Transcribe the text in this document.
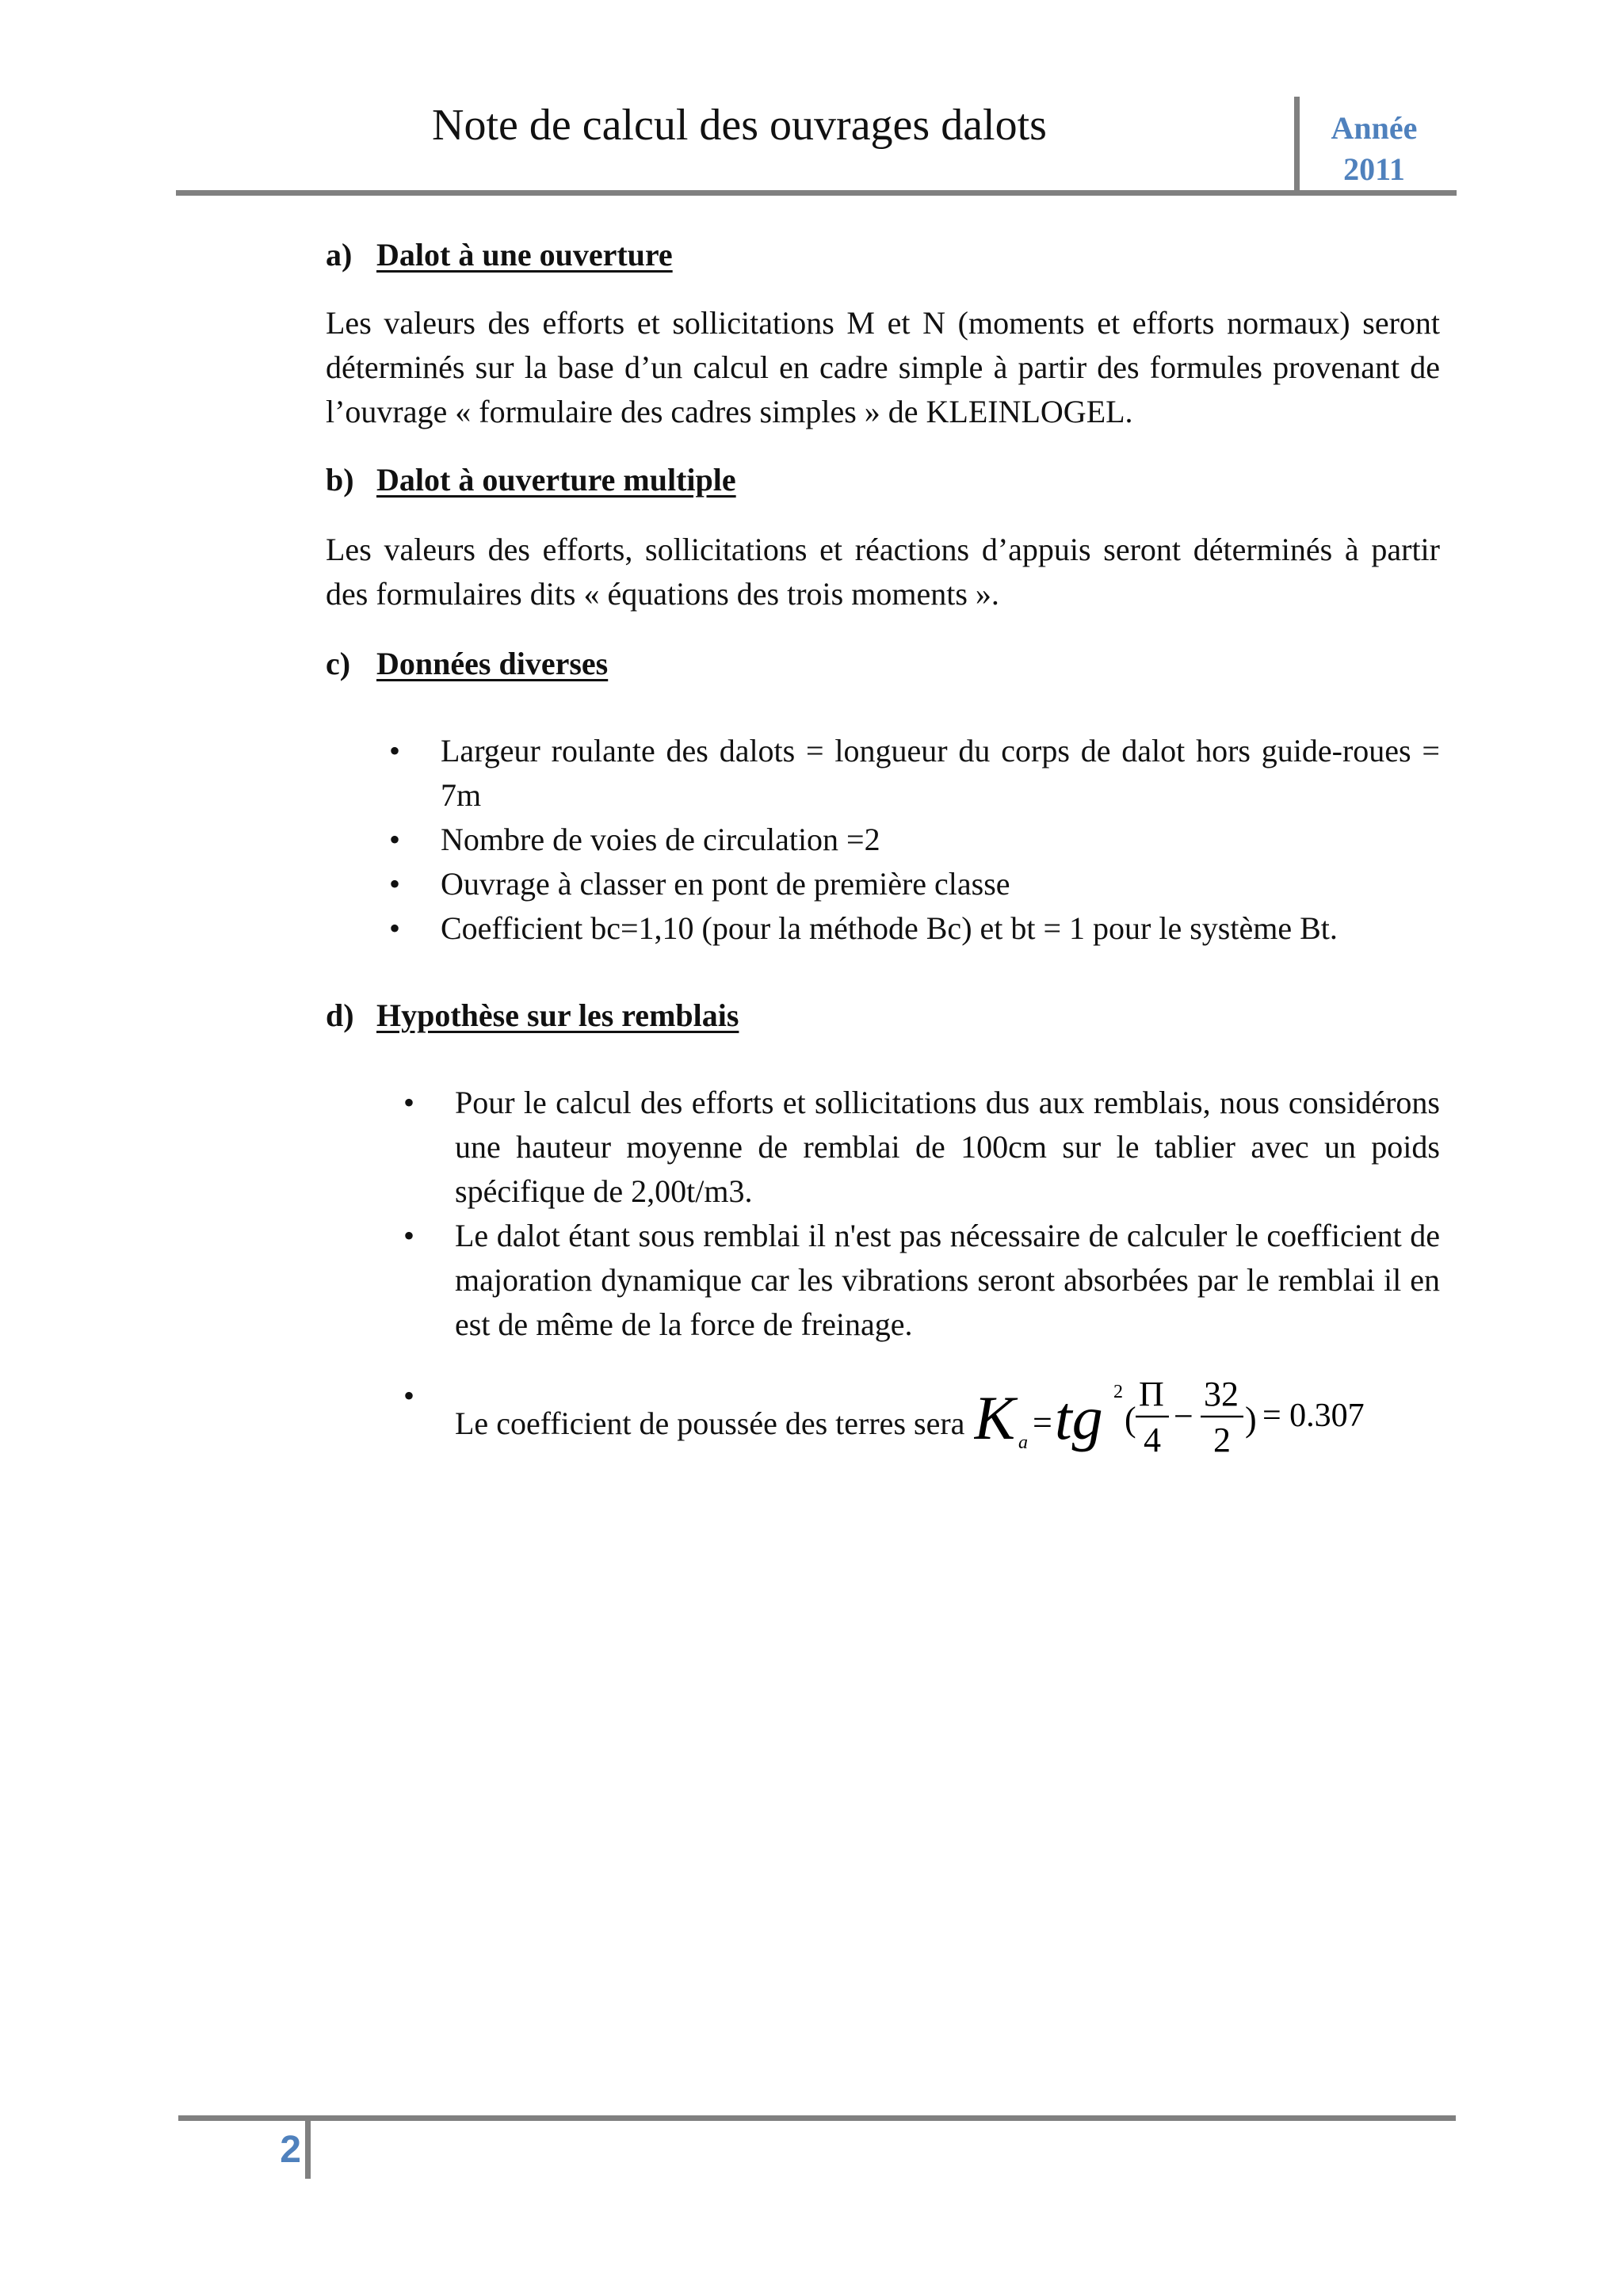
Note de calcul des ouvrages dalots	Année
2011
a) Dalot à une ouverture

Les valeurs des efforts et sollicitations M et N (moments et efforts normaux) seront déterminés sur la base d’un calcul en cadre simple à partir des formules provenant de l’ouvrage « formulaire des cadres simples » de KLEINLOGEL.

b) Dalot à ouverture multiple

Les valeurs des efforts, sollicitations et réactions d’appuis seront déterminés à partir des formulaires dits « équations des trois moments ».

c) Données diverses
• Largeur roulante des dalots = longueur du corps de dalot hors guide-roues = 7m
• Nombre de voies de circulation =2
• Ouvrage à classer en pont de première classe
• Coefficient bc=1,10 (pour la méthode Bc) et bt = 1 pour le système Bt.
d) Hypothèse sur les remblais
• Pour le calcul des efforts et sollicitations dus aux remblais, nous considérons une hauteur moyenne de remblai de 100cm sur le tablier avec un poids spécifique de 2,00t/m3.
• Le dalot étant sous remblai il n'est pas nécessaire de calculer le coefficient de majoration dynamique car les vibrations seront absorbées par le remblai il en est de même de la force de freinage.
•
Le coefficient de poussée des terres sera K a
= tg 2
(
Π
4
−
32
2
) = 0.307
2
